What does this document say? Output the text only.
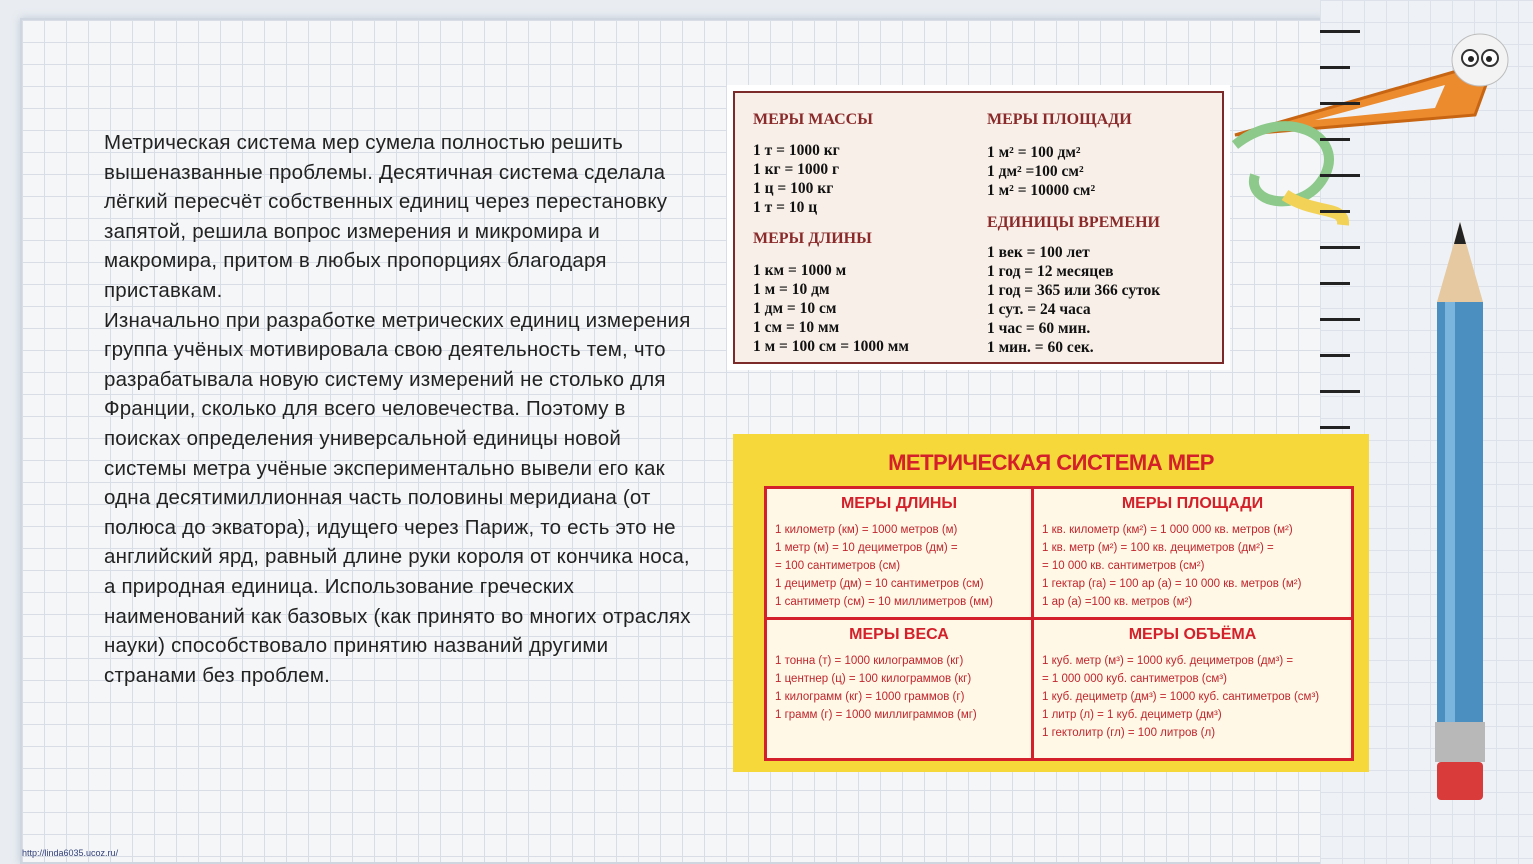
Метрическая система мер сумела полностью решить вышеназванные проблемы. Десятичная система сделала лёгкий пересчёт собственных единиц через перестановку запятой, решила вопрос измерения и микромира и макромира, притом в любых пропорциях благодаря приставкам.

Изначально при разработке метрических единиц измерения группа учёных мотивировала свою деятельность тем, что разрабатывала новую систему измерений не столько для Франции, сколько для всего человечества. Поэтому в поисках определения универсальной единицы новой системы метра учёные экспериментально вывели его как одна десятимиллионная часть половины меридиана (от полюса до экватора), идущего через Париж, то есть это не английский ярд, равный длине руки короля от кончика носа, а природная единица. Использование греческих наименований как базовых (как принято во многих отраслях науки) способствовало принятию названий другими странами без проблем.

МЕРЫ МАССЫ
1 т = 1000 кг
1 кг = 1000 г
1 ц = 100 кг
1 т = 10 ц
МЕРЫ ДЛИНЫ
1 км = 1000 м
1 м = 10 дм
1 дм = 10 см
1 см = 10 мм
1 м = 100 см = 1000 мм
МЕРЫ ПЛОЩАДИ
1 м² = 100 дм²
1 дм² =100 см²
1 м² = 10000 см²
ЕДИНИЦЫ ВРЕМЕНИ
1 век = 100 лет
1 год = 12 месяцев
1 год = 365 или 366 суток
1 сут. = 24 часа
1 час = 60 мин.
1 мин. = 60 сек.
МЕТРИЧЕСКАЯ СИСТЕМА МЕР
МЕРЫ ДЛИНЫ
1 километр (км) = 1000 метров (м)
1 метр (м) = 10 дециметров (дм) =
= 100 сантиметров (см)
1 дециметр (дм) = 10 сантиметров (см)
1 сантиметр (см) = 10 миллиметров (мм)
МЕРЫ ПЛОЩАДИ
1 кв. километр (км²) = 1 000 000 кв. метров (м²)
1 кв. метр (м²) = 100 кв. дециметров (дм²) =
= 10 000 кв. сантиметров (см²)
1 гектар (га) = 100 ар (а) = 10 000 кв. метров (м²)
1 ар (а) =100 кв. метров (м²)
МЕРЫ ВЕСА
1 тонна (т) = 1000 килограммов (кг)
1 центнер (ц) = 100 килограммов (кг)
1 килограмм (кг) = 1000 граммов (г)
1 грамм (г) = 1000 миллиграммов (мг)
МЕРЫ ОБЪЁМА
1 куб. метр (м³) = 1000 куб. дециметров (дм³) =
= 1 000 000 куб. сантиметров (см³)
1 куб. дециметр (дм³) = 1000 куб. сантиметров (см³)
1 литр (л) = 1 куб. дециметр (дм³)
1 гектолитр (гл) = 100 литров (л)
http://linda6035.ucoz.ru/
